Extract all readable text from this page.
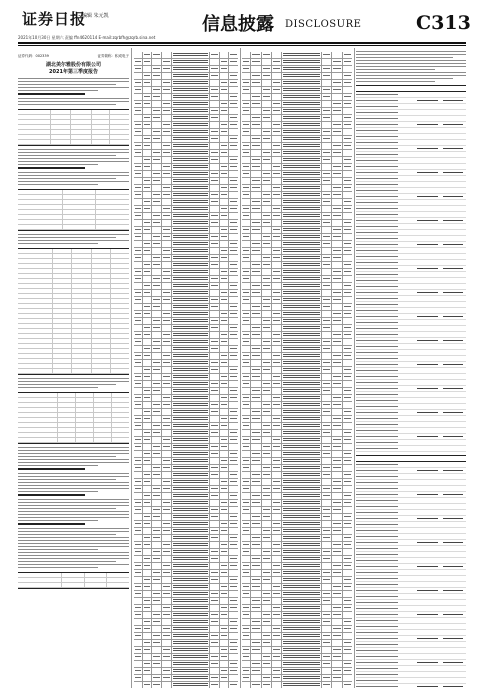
证券日报
编辑 朱元凯
2021年10月30日 星期六 责编 ffn4620114 E-mail:zqrbfh@zqrb.sina.net
信息披露 DISCLOSURE	C313
证券代码：002339	证券简称：积成电子
湖北美尔雅股份有限公司
2021年第三季度报告
